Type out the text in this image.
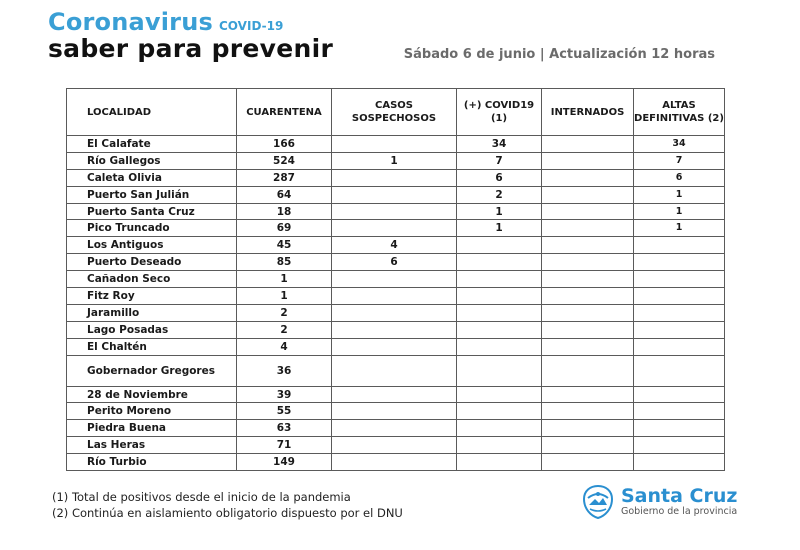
Coronavirus COVID-19
saber para prevenir	Sábado 6 de junio | Actualización 12 horas
LOCALIDAD	CUARENTENA	CASOS SOSPECHOSOS	(+) COVID19 (1)	INTERNADOS	ALTAS DEFINITIVAS (2)
El Calafate	166		34		34
Río Gallegos	524	1	7		7
Caleta Olivia	287		6		6
Puerto San Julián	64		2		1
Puerto Santa Cruz	18		1		1
Pico Truncado	69		1		1
Los Antiguos	45	4			
Puerto Deseado	85	6			
Cañadon Seco	1				
Fitz Roy	1				
Jaramillo	2				
Lago Posadas	2				
El Chaltén	4				
Gobernador Gregores	36				
28 de Noviembre	39				
Perito Moreno	55				
Piedra Buena	63				
Las Heras	71				
Río Turbio	149				
(1) Total de positivos desde el inicio de la pandemia
(2) Continúa en aislamiento obligatorio dispuesto por el DNU
Santa Cruz
Gobierno de la provincia
